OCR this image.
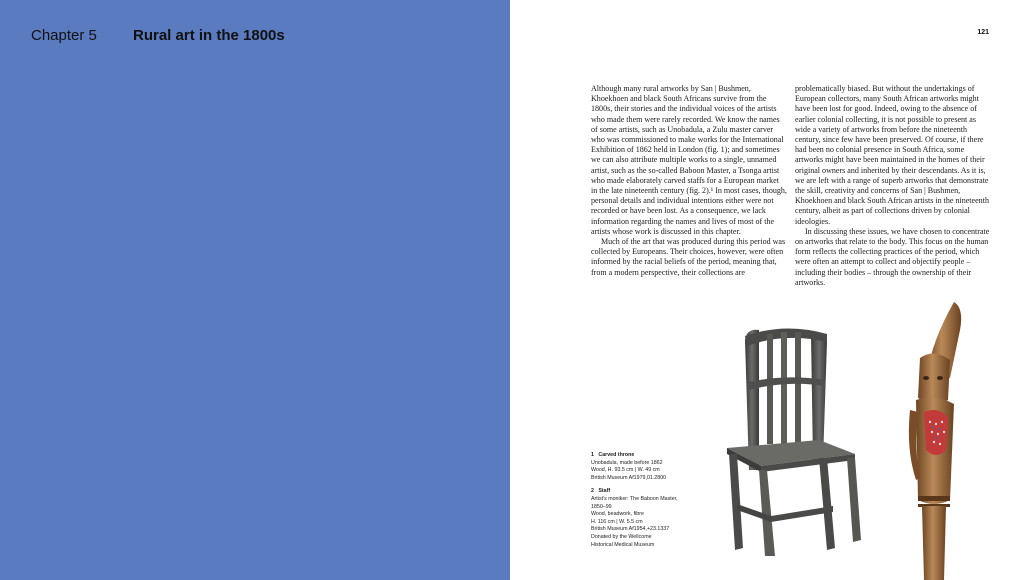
Chapter 5 Rural art in the 1800s	121

Although many rural artworks by San | Bushmen, Khoekhoen and black South Africans survive from the 1800s, their stories and the individual voices of the artists who made them were rarely recorded. We know the names of some artists, such as Unobadula, a Zulu master carver who was commissioned to make works for the International Exhibition of 1862 held in London (fig. 1); and sometimes we can also attribute multiple works to a single, unnamed artist, such as the so-called Baboon Master, a Tsonga artist who made elaborately carved staffs for a European market in the late nineteenth century (fig. 2).¹ In most cases, though, personal details and individual intentions either were not recorded or have been lost. As a consequence, we lack information regarding the names and lives of most of the artists whose work is discussed in this chapter.

Much of the art that was produced during this period was collected by Europeans. Their choices, however, were often informed by the racial beliefs of the period, meaning that, from a modern perspective, their collections are

problematically biased. But without the undertakings of European collectors, many South African artworks might have been lost for good. Indeed, owing to the absence of earlier colonial collecting, it is not possible to present as wide a variety of artworks from before the nineteenth century, since few have been preserved. Of course, if there had been no colonial presence in South Africa, some artworks might have been maintained in the homes of their original owners and inherited by their descendants. As it is, we are left with a range of superb artworks that demonstrate the skill, creativity and concerns of San | Bushmen, Khoekhoen and black South African artists in the nineteenth century, albeit as part of collections driven by colonial ideologies.

In discussing these issues, we have chosen to concentrate on artworks that relate to the body. This focus on the human form reflects the collecting practices of the period, which were often an attempt to collect and objectify people – including their bodies – through the ownership of their artworks.

1 Carved throne
Unobadula, made before 1862
Wood, H. 93.5 cm | W. 49 cm
British Museum Af1979,01.2800
2 Staff
Artist's moniker: The Baboon Master,
1850–99
Wood, beadwork, fibre
H. 116 cm | W. 5.5 cm
British Museum Af1954,+23.1337
Donated by the Wellcome
Historical Medical Museum
